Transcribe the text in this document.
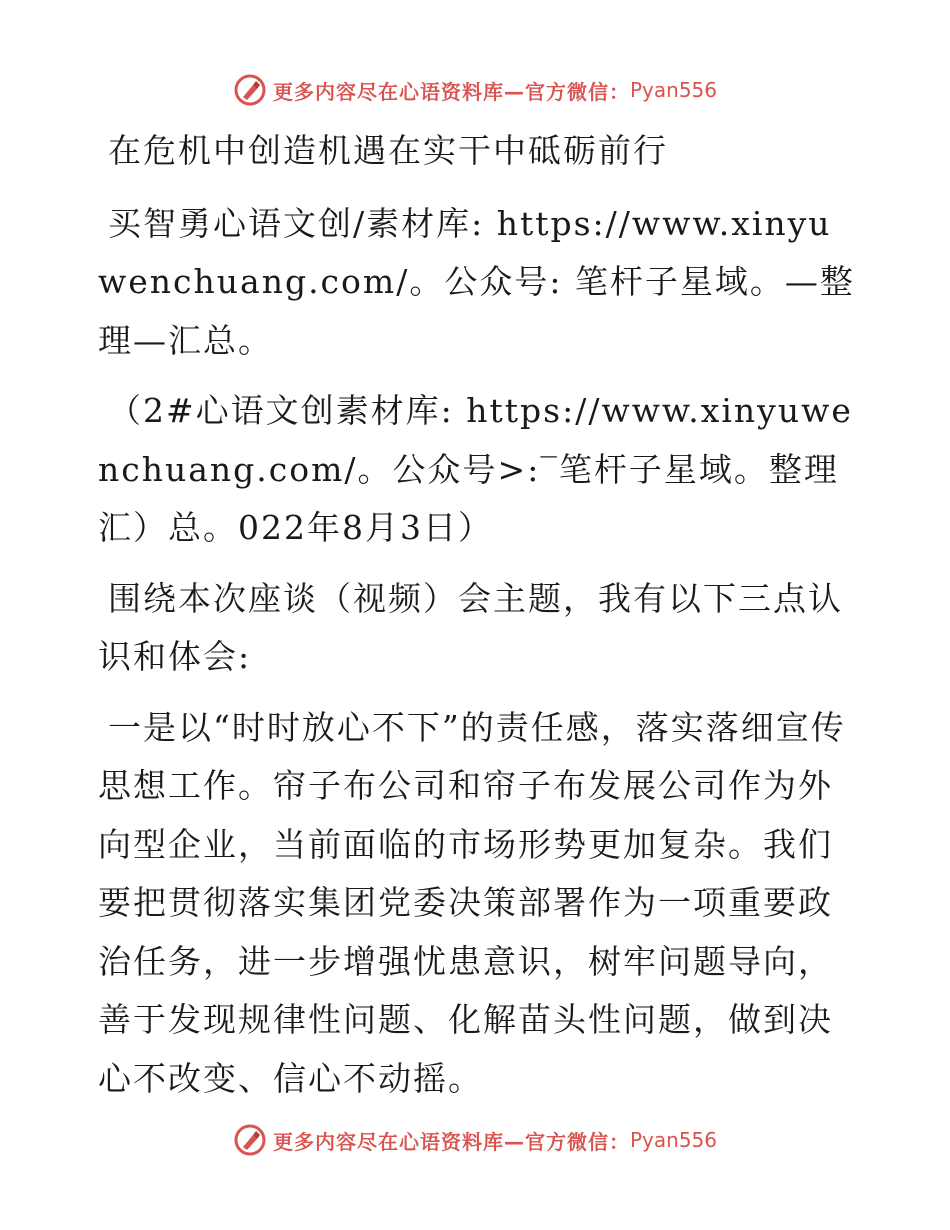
更多内容尽在心语资料库—官方微信： Pyan556

在危机中创造机遇在实干中砥砺前行

买智勇心语文创/素材库: https://www.xinyuwenchuang.com/。公众号: 笔杆子星域。—整理—汇总。

（2#心语文创素材库: https://www.xinyuwenchuang.com/。公众号>:‾笔杆子星域。整理汇）总。022年8月3日）

围绕本次座谈（视频）会主题，我有以下三点认识和体会:

一是以“时时放心不下”的责任感，落实落细宣传思想工作。帘子布公司和帘子布发展公司作为外向型企业，当前面临的市场形势更加复杂。我们要把贯彻落实集团党委决策部署作为一项重要政治任务，进一步增强忧患意识，树牢问题导向，善于发现规律性问题、化解苗头性问题，做到决心不改变、信心不动摇。

更多内容尽在心语资料库—官方微信： Pyan556
